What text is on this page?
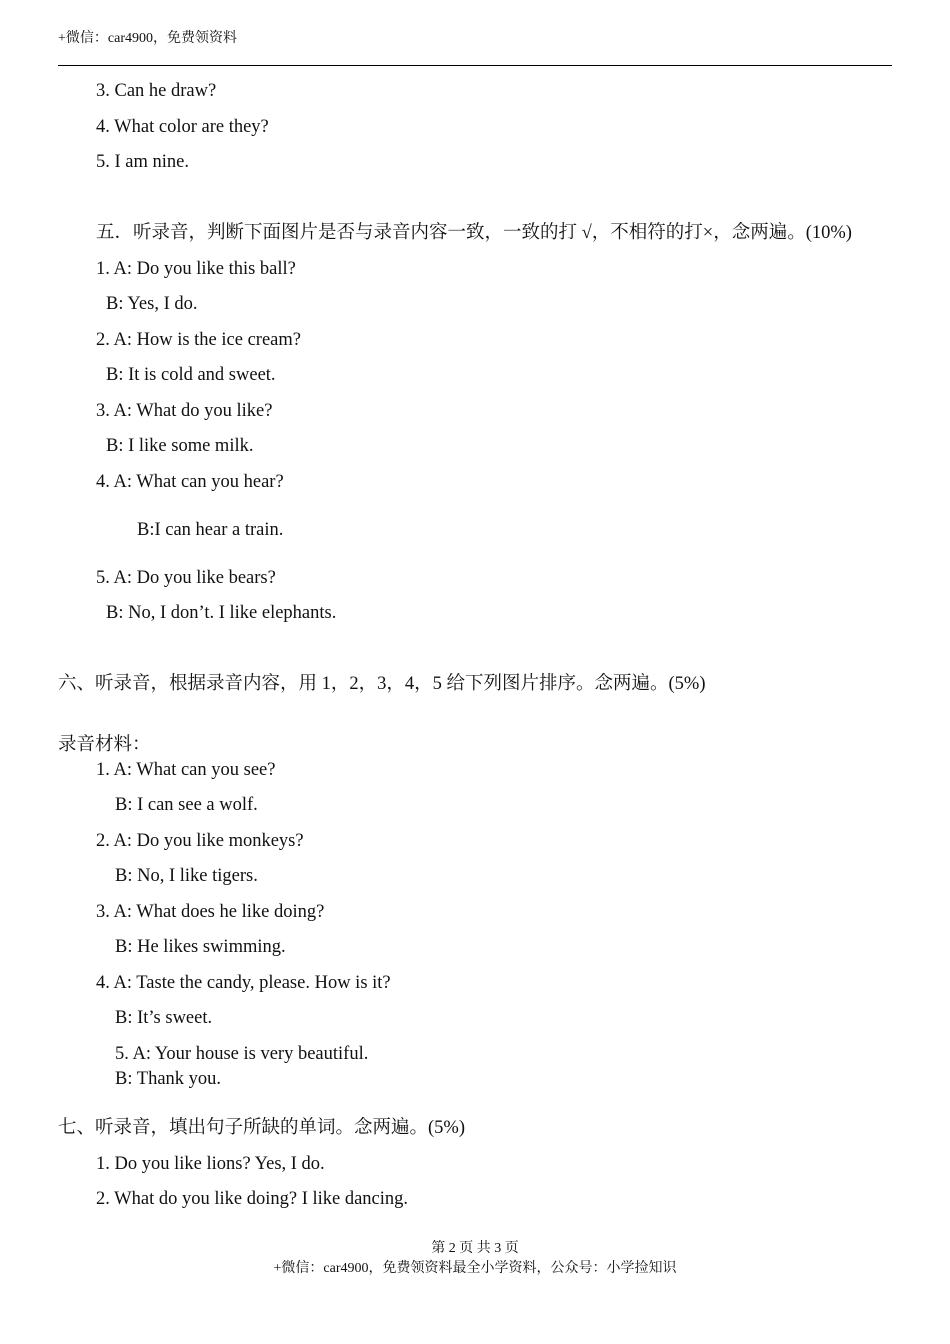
+微信：car4900，免费领资料
3. Can he draw?
4. What color are they?
5. I am nine.
五．听录音，判断下面图片是否与录音内容一致，一致的打 √，不相符的打×，念两遍。(10%)
1. A: Do you like this ball?
B: Yes, I do.
2. A: How is the ice cream?
B: It is cold and sweet.
3. A: What do you like?
B: I like some milk.
4. A: What can you hear?
B:I can hear a train.
5. A: Do you like bears?
B: No, I don’t. I like elephants.
六、听录音，根据录音内容，用 1，2，3，4，5 给下列图片排序。念两遍。(5%)
录音材料：
1. A: What can you see?
B: I can see a wolf.
2. A: Do you like monkeys?
B: No, I like tigers.
3. A: What does he like doing?
B: He likes swimming.
4. A: Taste the candy, please. How is it?
B: It’s sweet.
5. A: Your house is very beautiful.
B: Thank you.
七、听录音，填出句子所缺的单词。念两遍。(5%)
1. Do you like lions? Yes, I do.
2. What do you like doing? I like dancing.
第 2 页 共 3 页
+微信：car4900，免费领资料最全小学资料，公众号：小学捡知识
